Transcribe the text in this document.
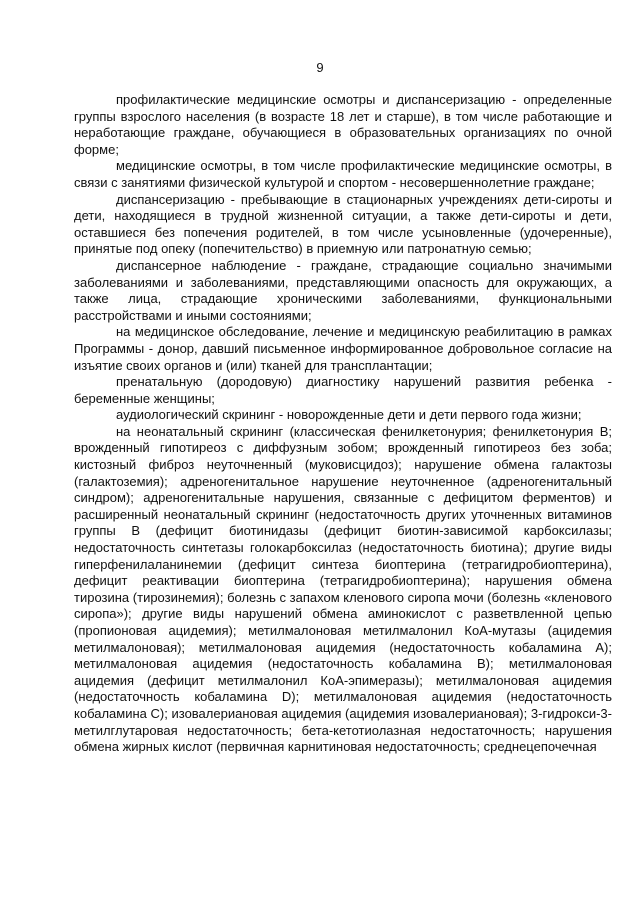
9

профилактические медицинские осмотры и диспансеризацию - определенные группы взрослого населения (в возрасте 18 лет и старше), в том числе работающие и неработающие граждане, обучающиеся в образовательных организациях по очной форме;

медицинские осмотры, в том числе профилактические медицинские осмотры, в связи с занятиями физической культурой и спортом - несовершеннолетние граждане;

диспансеризацию - пребывающие в стационарных учреждениях дети-сироты и дети, находящиеся в трудной жизненной ситуации, а также дети-сироты и дети, оставшиеся без попечения родителей, в том числе усыновленные (удочеренные), принятые под опеку (попечительство) в приемную или патронатную семью;

диспансерное наблюдение - граждане, страдающие социально значимыми заболеваниями и заболеваниями, представляющими опасность для окружающих, а также лица, страдающие хроническими заболеваниями, функциональными расстройствами и иными состояниями;

на медицинское обследование, лечение и медицинскую реабилитацию в рамках Программы - донор, давший письменное информированное добровольное согласие на изъятие своих органов и (или) тканей для трансплантации;

пренатальную (дородовую) диагностику нарушений развития ребенка - беременные женщины;

аудиологический скрининг - новорожденные дети и дети первого года жизни;

на неонатальный скрининг (классическая фенилкетонурия; фенилкетонурия В; врожденный гипотиреоз с диффузным зобом; врожденный гипотиреоз без зоба; кистозный фиброз неуточненный (муковисцидоз); нарушение обмена галактозы (галактоземия); адреногенитальное нарушение неуточненное (адреногенитальный синдром); адреногенитальные нарушения, связанные с дефицитом ферментов) и расширенный неонатальный скрининг (недостаточность других уточненных витаминов группы В (дефицит биотинидазы (дефицит биотин-зависимой карбоксилазы; недостаточность синтетазы голокарбоксилаз (недостаточность биотина); другие виды гиперфенилаланинемии (дефицит синтеза биоптерина (тетрагидробиоптерина), дефицит реактивации биоптерина (тетрагидробиоптерина); нарушения обмена тирозина (тирозинемия); болезнь с запахом кленового сиропа мочи (болезнь «кленового сиропа»); другие виды нарушений обмена аминокислот с разветвленной цепью (пропионовая ацидемия); метилмалоновая метилмалонил КоА-мутазы (ацидемия метилмалоновая); метилмалоновая ацидемия (недостаточность кобаламина А); метилмалоновая ацидемия (недостаточность кобаламина В); метилмалоновая ацидемия (дефицит метилмалонил КоА-эпимеразы); метилмалоновая ацидемия (недостаточность кобаламина D); метилмалоновая ацидемия (недостаточность кобаламина С); изовалериановая ацидемия (ацидемия изовалериановая); 3-гидрокси-3-метилглутаровая недостаточность; бета-кетотиолазная недостаточность; нарушения обмена жирных кислот (первичная карнитиновая недостаточность; среднецепочечная
